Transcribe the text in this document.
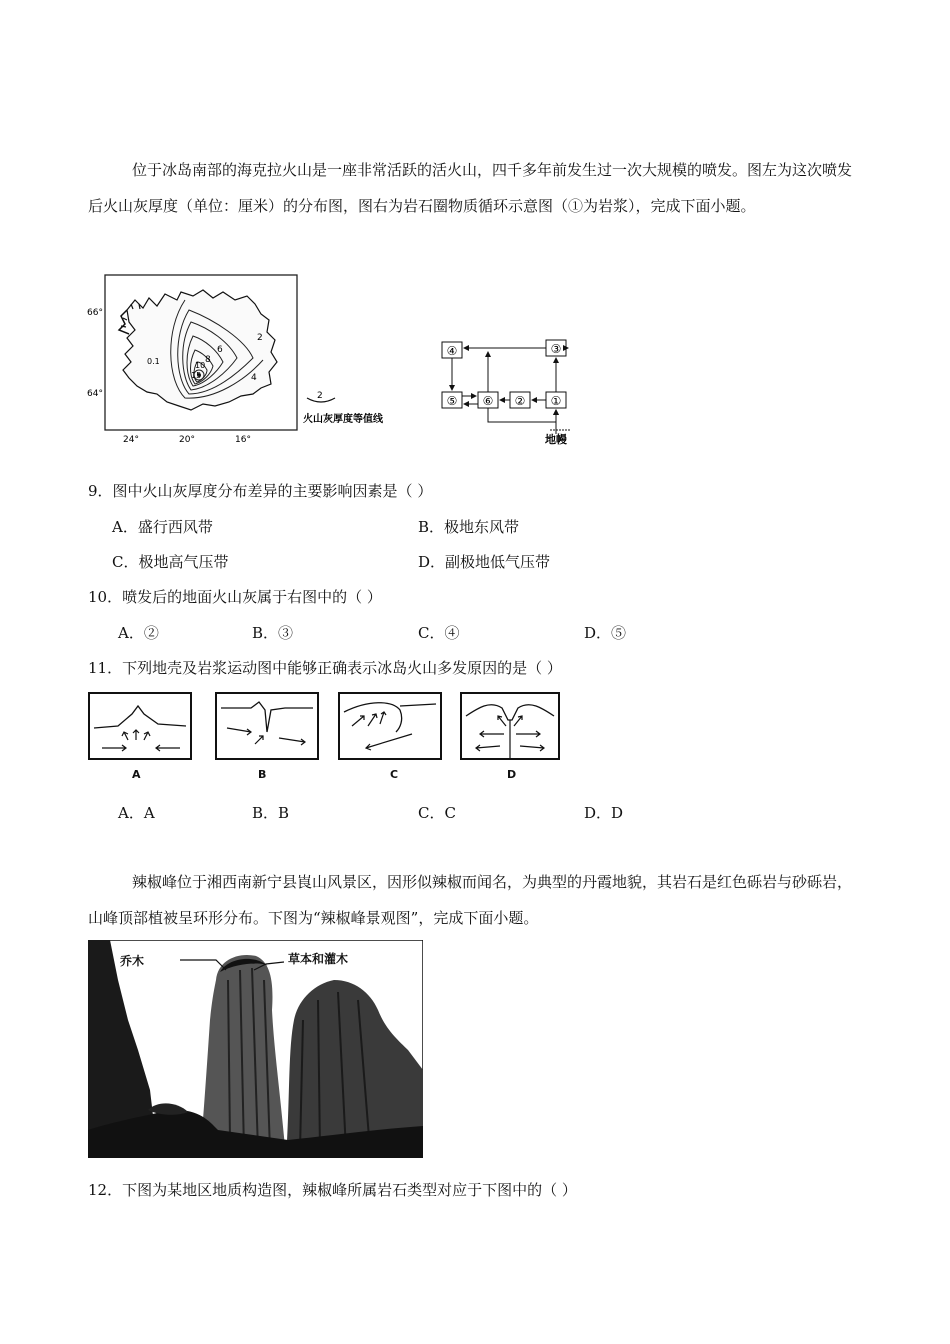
位于冰岛南部的海克拉火山是一座非常活跃的活火山，四千多年前发生过一次大规模的喷发。图左为这次喷发后火山灰厚度（单位：厘米）的分布图，图右为岩石圈物质循环示意图（①为岩浆），完成下面小题。
2
4
6
8
10
15
0.1
66°
64°
24°	20°	16°
2
火山灰厚度等值线
④	③
⑤ ⑥ ② ①
地幔
9．图中火山灰厚度分布差异的主要影响因素是（ ）
A．盛行西风带	B．极地东风带
C．极地高气压带	D．副极地低气压带
10．喷发后的地面火山灰属于右图中的（ ）
A．②	B．③	C．④	D．⑤
11．下列地壳及岩浆运动图中能够正确表示冰岛火山多发原因的是（ ）
A	B	C	D
A．A	B．B	C．C	D．D
辣椒峰位于湘西南新宁县崀山风景区，因形似辣椒而闻名，为典型的丹霞地貌，其岩石是红色砾岩与砂砾岩，山峰顶部植被呈环形分布。下图为“辣椒峰景观图”，完成下面小题。
乔木	草本和灌木
12．下图为某地区地质构造图，辣椒峰所属岩石类型对应于下图中的（ ）
